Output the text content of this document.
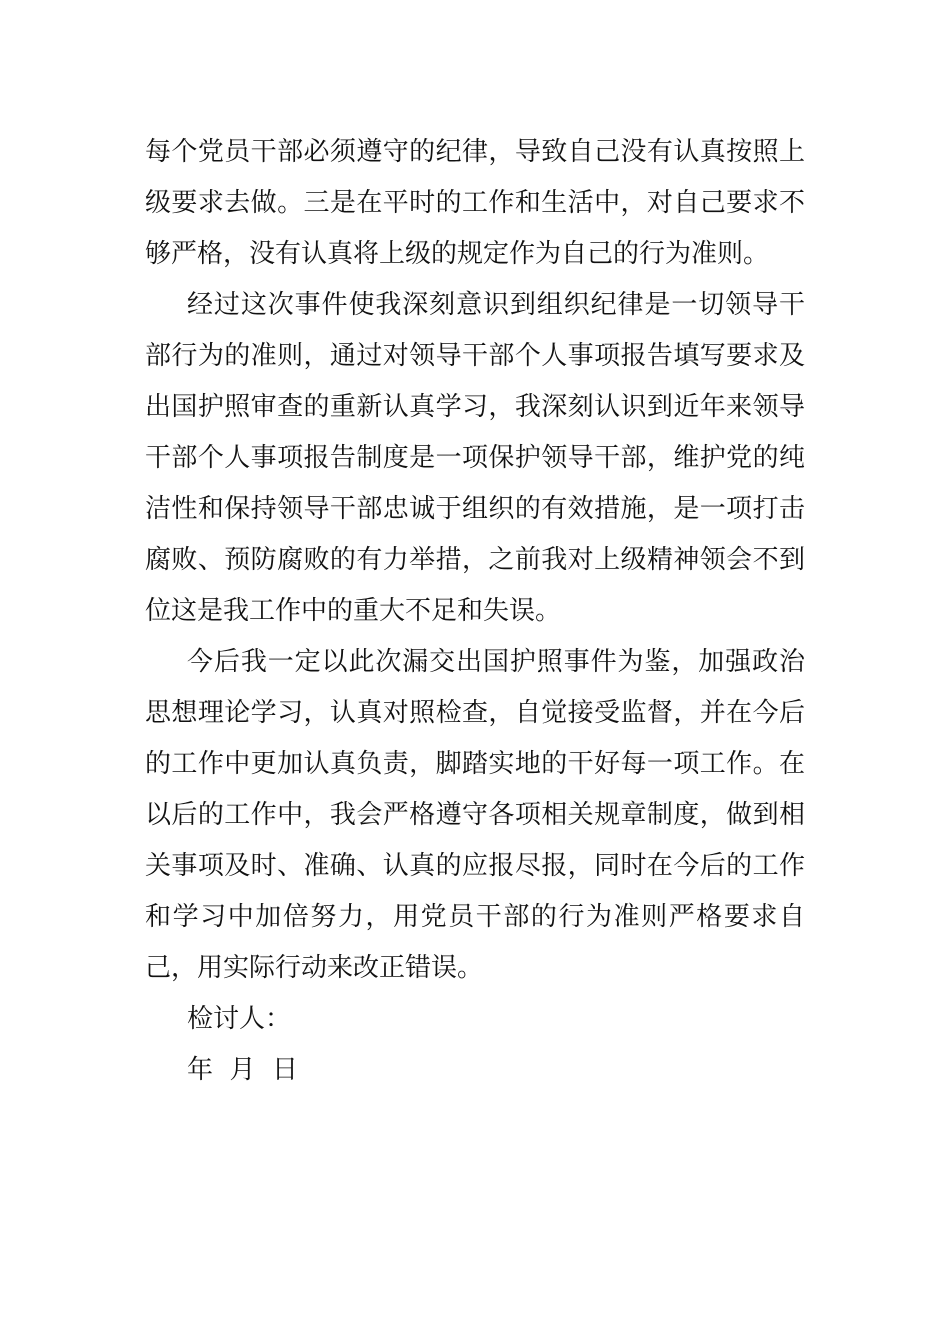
每个党员干部必须遵守的纪律，导致自己没有认真按照上级要求去做。三是在平时的工作和生活中，对自己要求不够严格，没有认真将上级的规定作为自己的行为准则。

经过这次事件使我深刻意识到组织纪律是一切领导干部行为的准则，通过对领导干部个人事项报告填写要求及出国护照审查的重新认真学习，我深刻认识到近年来领导干部个人事项报告制度是一项保护领导干部，维护党的纯洁性和保持领导干部忠诚于组织的有效措施，是一项打击腐败、预防腐败的有力举措，之前我对上级精神领会不到位这是我工作中的重大不足和失误。

今后我一定以此次漏交出国护照事件为鉴，加强政治思想理论学习，认真对照检查，自觉接受监督，并在今后的工作中更加认真负责，脚踏实地的干好每一项工作。在以后的工作中，我会严格遵守各项相关规章制度，做到相关事项及时、准确、认真的应报尽报，同时在今后的工作和学习中加倍努力，用党员干部的行为准则严格要求自己，用实际行动来改正错误。

检讨人：

年  月  日
